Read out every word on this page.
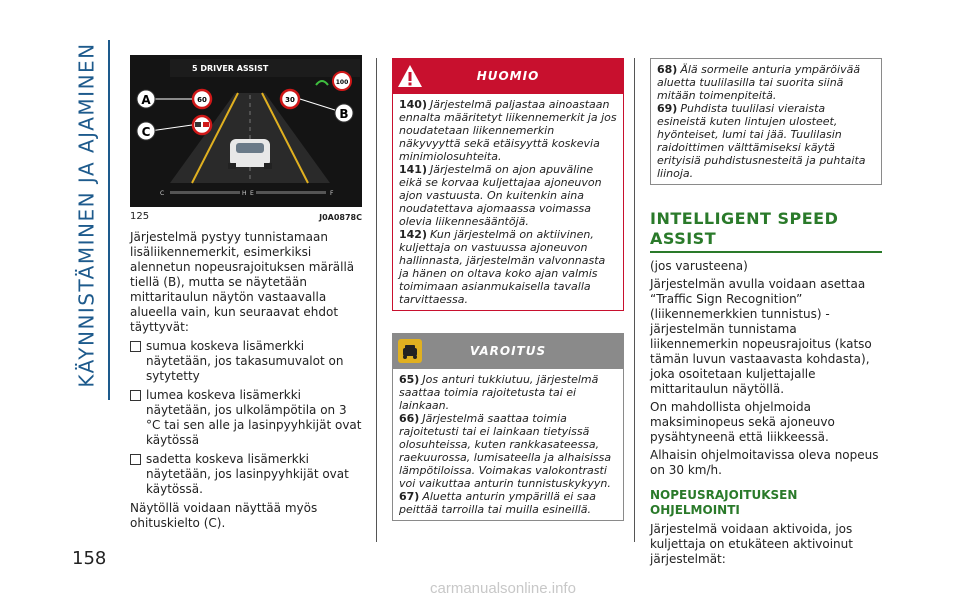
KÄYNNISTÄMINEN JA AJAMINEN
158
carmanualsonline.info
5 DRIVER ASSIST
60	30
100
A
C
B
C	H E	F
125	J0A0878C

Järjestelmä pystyy tunnistamaan lisäliikennemerkit, esimerkiksi alennetun nopeusrajoituksen märällä tiellä (B), mutta se näytetään mittaritaulun näytön vastaavalla alueella vain, kun seuraavat ehdot täyttyvät:

sumua koskeva lisämerkki näytetään, jos takasumuvalot on sytytetty

lumea koskeva lisämerkki näytetään, jos ulkolämpötila on 3 °C tai sen alle ja lasinpyyhkijät ovat käytössä

sadetta koskeva lisämerkki näytetään, jos lasinpyyhkijät ovat käytössä.

Näytöllä voidaan näyttää myös ohituskielto (C).

HUOMIO

140) Järjestelmä paljastaa ainoastaan ennalta määritetyt liikennemerkit ja jos noudatetaan liikennemerkin näkyvyyttä sekä etäisyyttä koskevia minimiolosuhteita.

141) Järjestelmä on ajon apuväline eikä se korvaa kuljettajaa ajoneuvon ajon vastuusta. On kuitenkin aina noudatettava ajomaassa voimassa olevia liikennesääntöjä.

142) Kun järjestelmä on aktiivinen, kuljettaja on vastuussa ajoneuvon hallinnasta, järjestelmän valvonnasta ja hänen on oltava koko ajan valmis toimimaan asianmukaisella tavalla tarvittaessa.

VAROITUS

65) Jos anturi tukkiutuu, järjestelmä saattaa toimia rajoitetusta tai ei lainkaan.

66) Järjestelmä saattaa toimia rajoitetusti tai ei lainkaan tietyissä olosuhteissa, kuten rankkasateessa, raekuurossa, lumisateella ja alhaisissa lämpötiloissa. Voimakas valokontrasti voi vaikuttaa anturin tunnistuskykyyn.

67) Aluetta anturin ympärillä ei saa peittää tarroilla tai muilla esineillä.

68) Älä sormeile anturia ympäröivää aluetta tuulilasilla tai suorita siinä mitään toimenpiteitä.

69) Puhdista tuulilasi vieraista esineistä kuten lintujen ulosteet, hyönteiset, lumi tai jää. Tuulilasin raidoittimen välttämiseksi käytä erityisiä puhdistusnesteitä ja puhtaita liinoja.

INTELLIGENT SPEED ASSIST

(jos varusteena)

Järjestelmän avulla voidaan asettaa “Traffic Sign Recognition” (liikennemerkkien tunnistus) - järjestelmän tunnistama liikennemerkin nopeusrajoitus (katso tämän luvun vastaavasta kohdasta), joka osoitetaan kuljettajalle mittaritaulun näytöllä.

On mahdollista ohjelmoida maksiminopeus sekä ajoneuvo pysähtyneenä että liikkeessä.

Alhaisin ohjelmoitavissa oleva nopeus on 30 km/h.

NOPEUSRAJOITUKSEN OHJELMOINTI

Järjestelmä voidaan aktivoida, jos kuljettaja on etukäteen aktivoinut järjestelmät:
